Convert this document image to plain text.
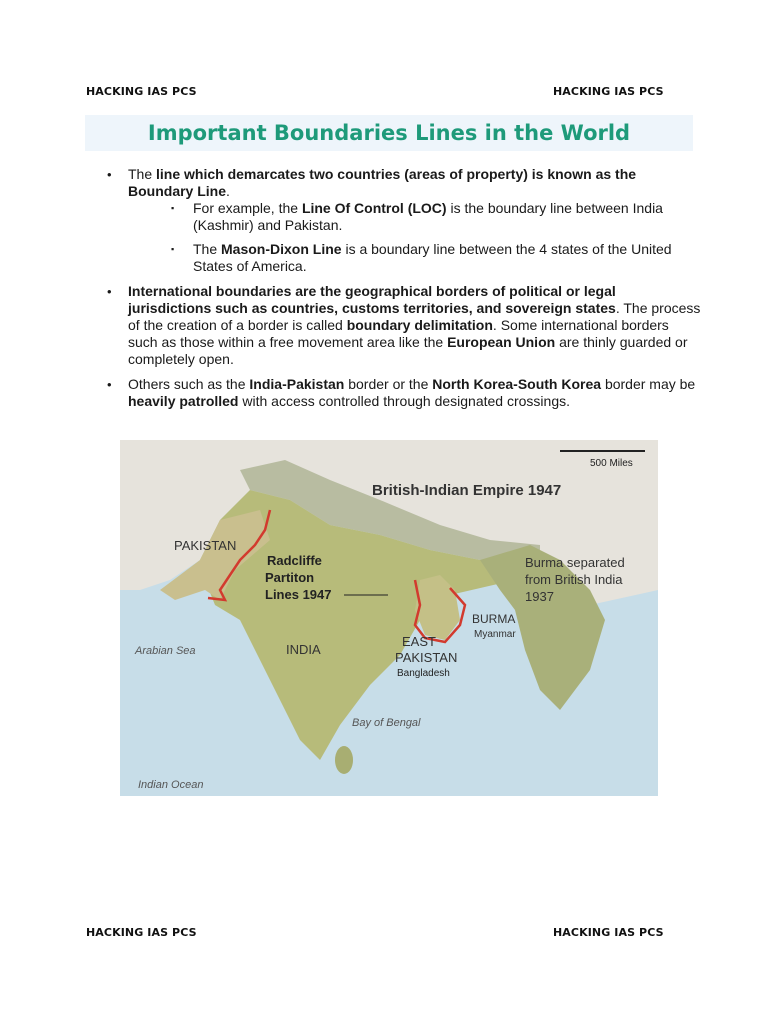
HACKING IAS PCS	HACKING IAS PCS
Important Boundaries Lines in the World
• The line which demarcates two countries (areas of property) is known as the Boundary Line.
▪ For example, the Line Of Control (LOC) is the boundary line between India (Kashmir) and Pakistan.
▪ The Mason-Dixon Line is a boundary line between the 4 states of the United States of America.
• International boundaries are the geographical borders of political or legal jurisdictions such as countries, customs territories, and sovereign states. The process of the creation of a border is called boundary delimitation. Some international borders such as those within a free movement area like the European Union are thinly guarded or completely open.
• Others such as the India-Pakistan border or the North Korea-South Korea border may be heavily patrolled with access controlled through designated crossings.
500 Miles
British-Indian Empire 1947
PAKISTAN
Radcliffe
Partiton
Lines 1947
Burma separated
from British India
1937
BURMA
Myanmar
EAST
PAKISTAN
Bangladesh
INDIA
Arabian Sea
Bay of Bengal
Indian Ocean
HACKING IAS PCS	HACKING IAS PCS
